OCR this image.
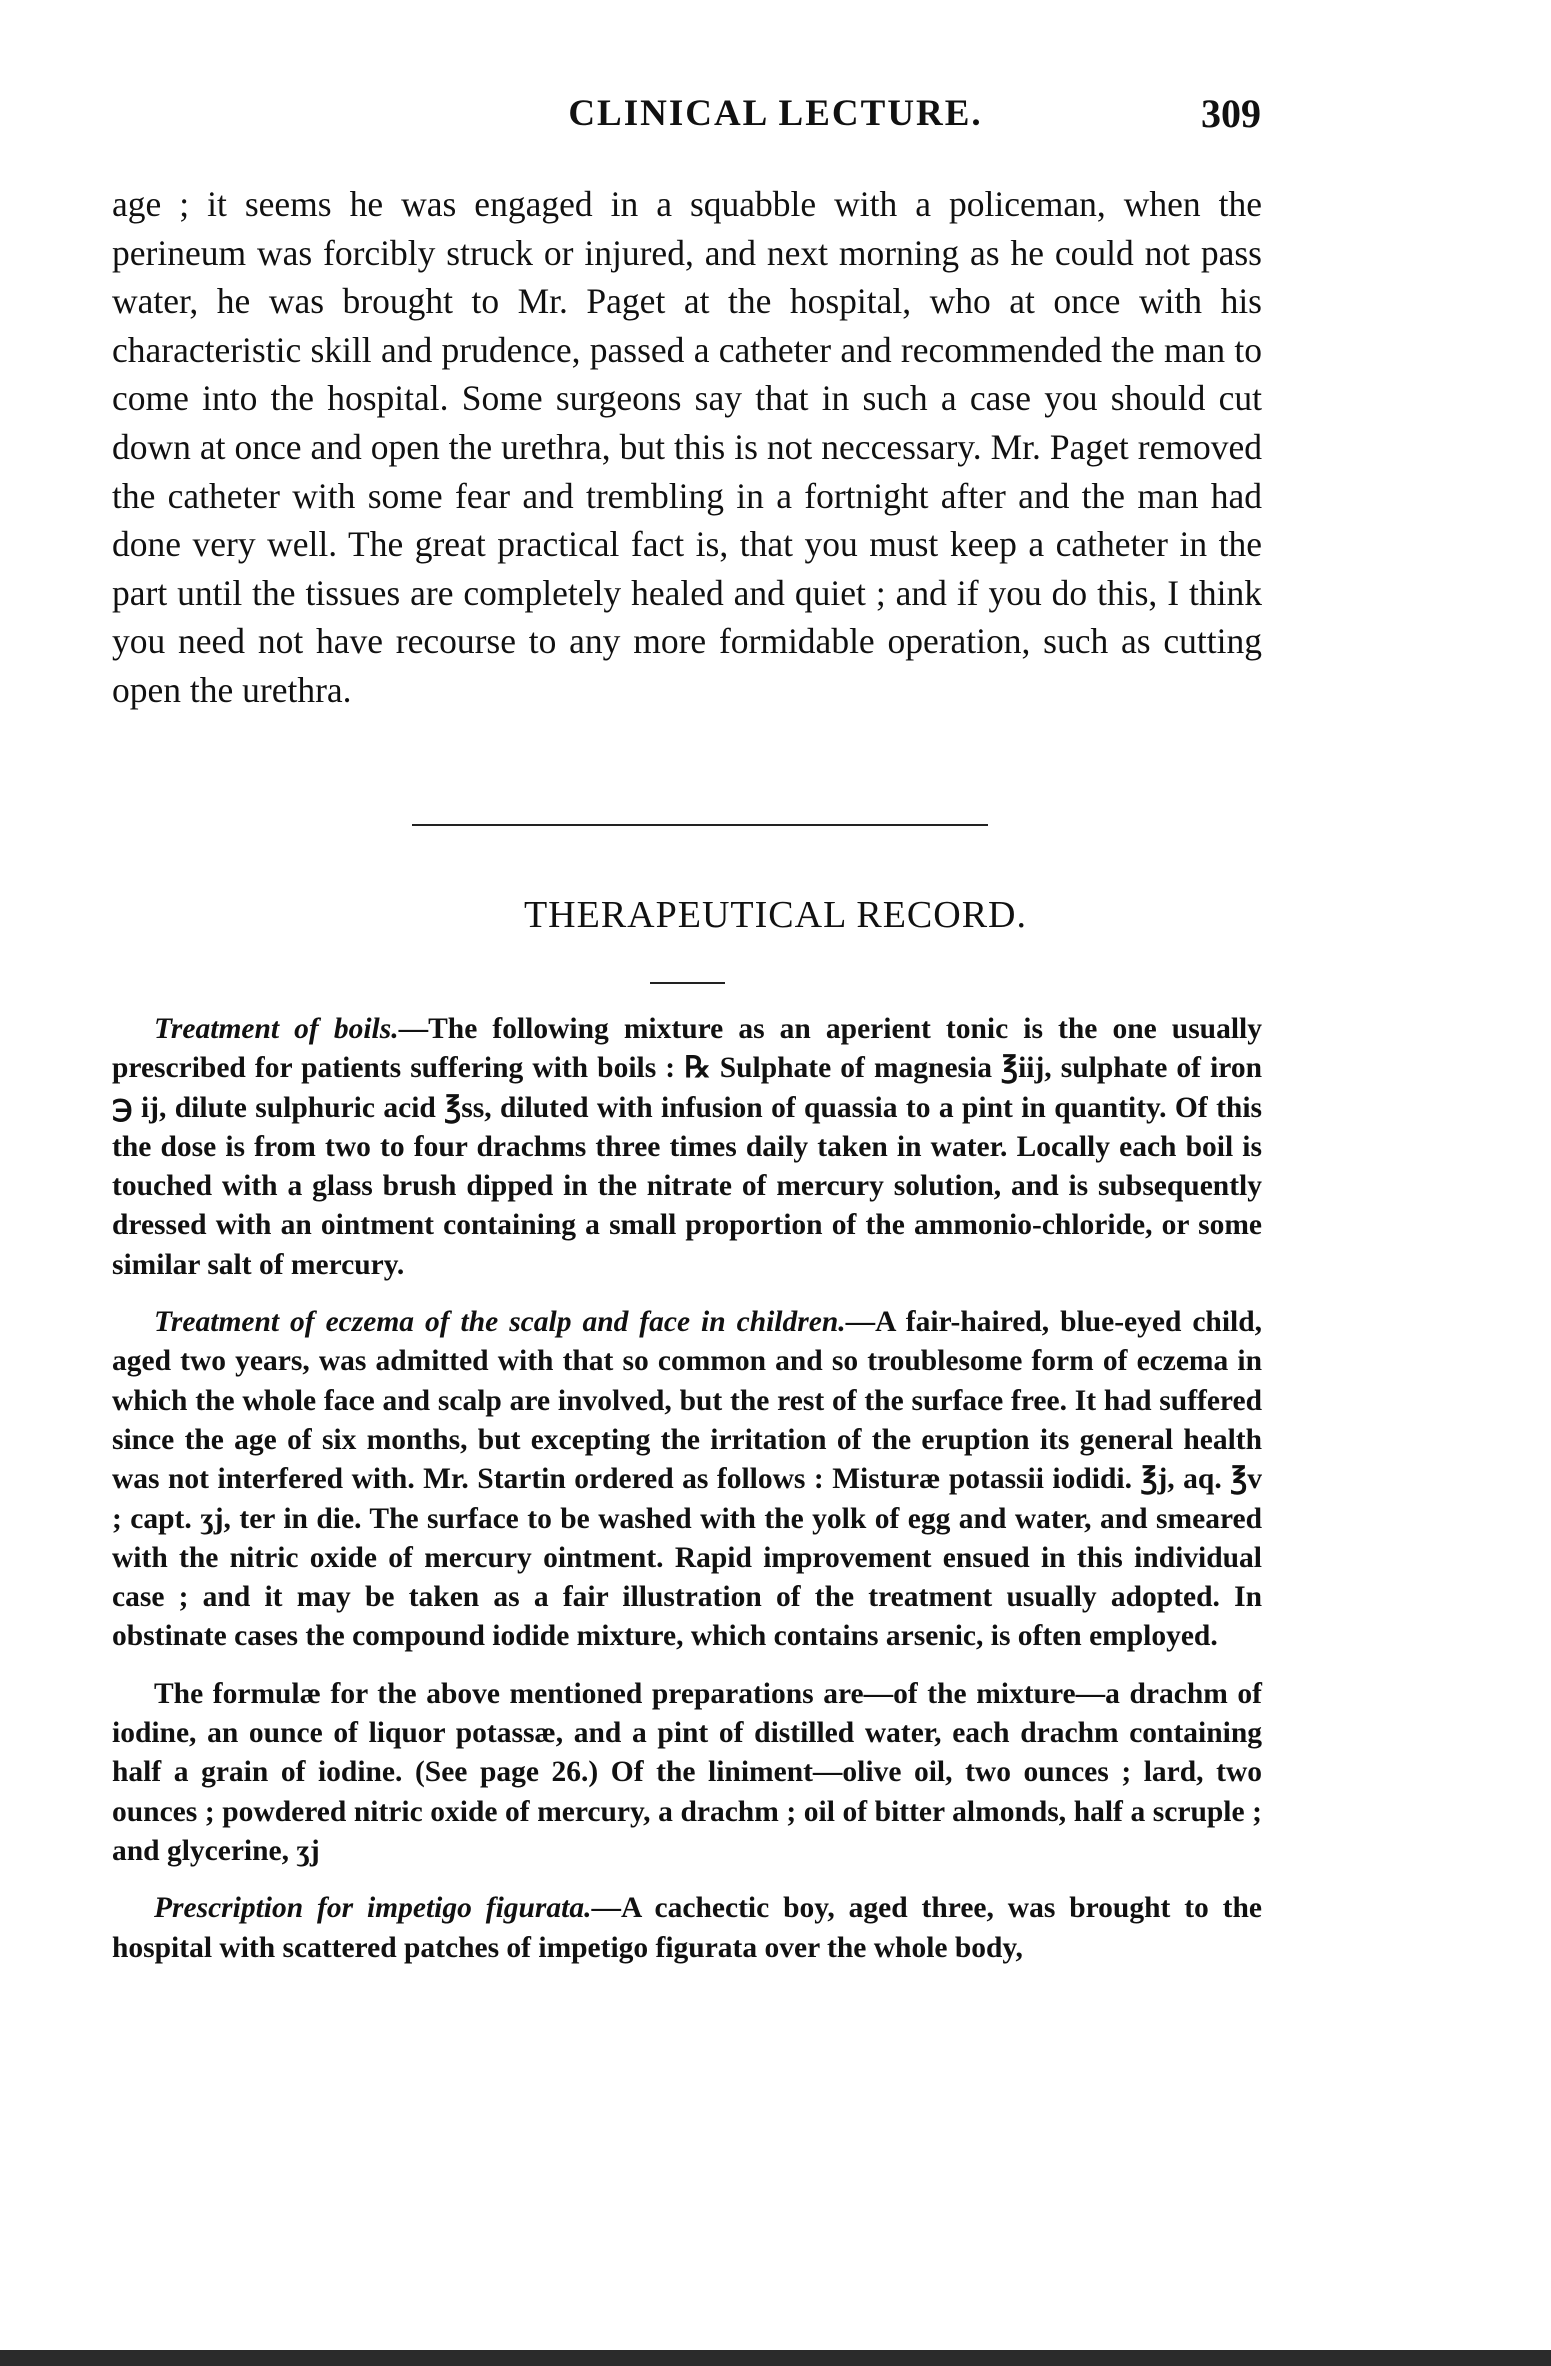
CLINICAL LECTURE.	309
age ; it seems he was engaged in a squabble with a policeman, when the perineum was forcibly struck or injured, and next morning as he could not pass water, he was brought to Mr. Paget at the hospital, who at once with his characteristic skill and prudence, passed a catheter and recommended the man to come into the hospital. Some surgeons say that in such a case you should cut down at once and open the urethra, but this is not neccessary. Mr. Paget removed the catheter with some fear and trembling in a fortnight after and the man had done very well. The great practical fact is, that you must keep a catheter in the part until the tissues are completely healed and quiet ; and if you do this, I think you need not have recourse to any more formidable operation, such as cutting open the urethra.
THERAPEUTICAL RECORD.

Treatment of boils.—The following mixture as an aperient tonic is the one usually prescribed for patients suffering with boils : ℞ Sulphate of magnesia ℥iij, sulphate of iron ℈ ij, dilute sulphuric acid ℥ss, diluted with infusion of quassia to a pint in quantity. Of this the dose is from two to four drachms three times daily taken in water. Locally each boil is touched with a glass brush dipped in the nitrate of mercury solution, and is subsequently dressed with an ointment containing a small proportion of the ammonio-chloride, or some similar salt of mercury.

Treatment of eczema of the scalp and face in children.—A fair-haired, blue-eyed child, aged two years, was admitted with that so common and so troublesome form of eczema in which the whole face and scalp are involved, but the rest of the surface free. It had suffered since the age of six months, but excepting the irritation of the eruption its general health was not interfered with. Mr. Startin ordered as follows : Misturæ potassii iodidi. ℥j, aq. ℥v ; capt. ʒj, ter in die. The surface to be washed with the yolk of egg and water, and smeared with the nitric oxide of mercury ointment. Rapid improvement ensued in this individual case ; and it may be taken as a fair illustration of the treatment usually adopted. In obstinate cases the compound iodide mixture, which contains arsenic, is often employed.

The formulæ for the above mentioned preparations are—of the mixture—a drachm of iodine, an ounce of liquor potassæ, and a pint of distilled water, each drachm containing half a grain of iodine. (See page 26.) Of the liniment—olive oil, two ounces ; lard, two ounces ; powdered nitric oxide of mercury, a drachm ; oil of bitter almonds, half a scruple ; and glycerine, ʒj

Prescription for impetigo figurata.—A cachectic boy, aged three, was brought to the hospital with scattered patches of impetigo figurata over the whole body,
